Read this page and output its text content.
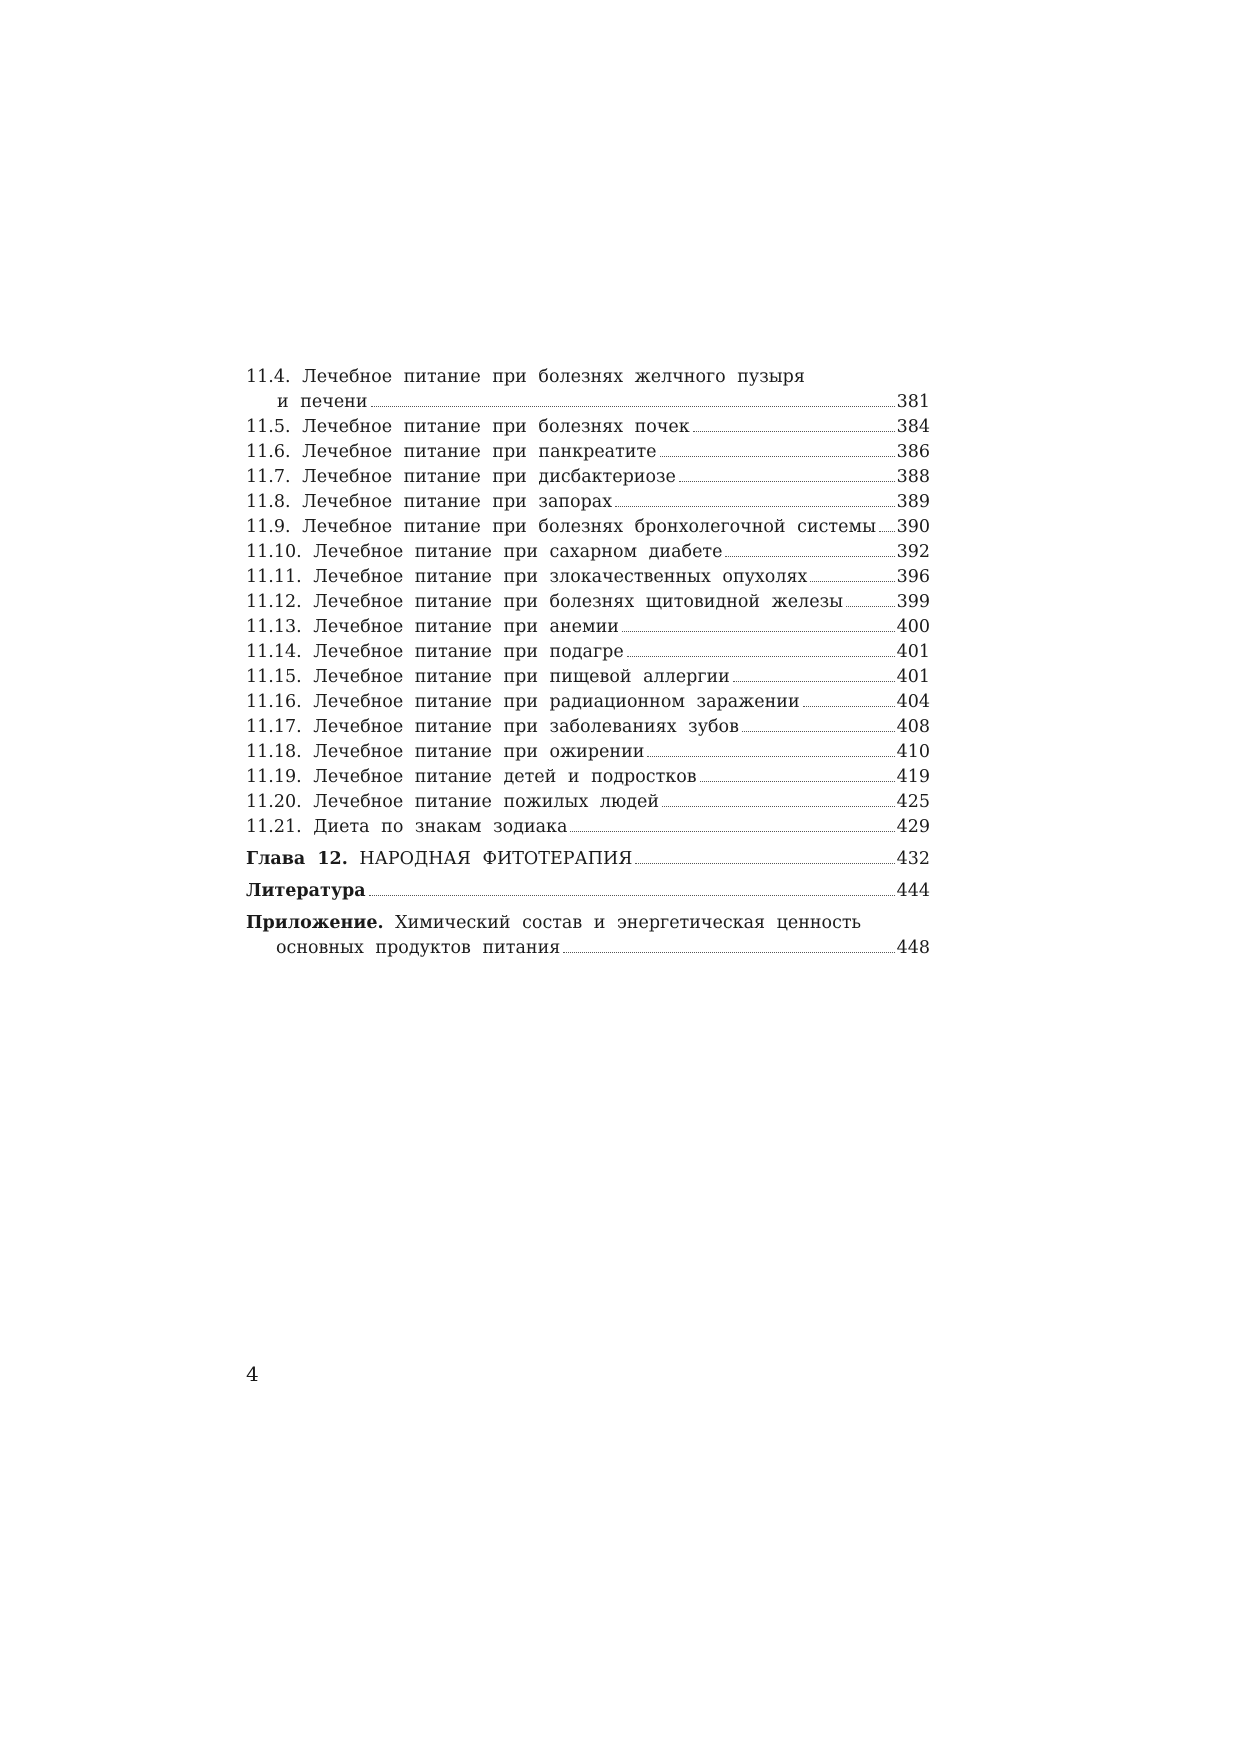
11.4. Лечебное питание при болезнях желчного пузыря
и печени	381
11.5. Лечебное питание при болезнях почек	384
11.6. Лечебное питание при панкреатите	386
11.7. Лечебное питание при дисбактериозе	388
11.8. Лечебное питание при запорах	389
11.9. Лечебное питание при болезнях бронхолегочной системы 390
11.10. Лечебное питание при сахарном диабете	392
11.11. Лечебное питание при злокачественных опухолях	396
11.12. Лечебное питание при болезнях щитовидной железы	399
11.13. Лечебное питание при анемии	400
11.14. Лечебное питание при подагре	401
11.15. Лечебное питание при пищевой аллергии	401
11.16. Лечебное питание при радиационном заражении	404
11.17. Лечебное питание при заболеваниях зубов	408
11.18. Лечебное питание при ожирении	410
11.19. Лечебное питание детей и подростков	419
11.20. Лечебное питание пожилых людей	425
11.21. Диета по знакам зодиака	429
Глава 12. НАРОДНАЯ ФИТОТЕРАПИЯ	432
Литература	444
Приложение. Химический состав и энергетическая ценность
основных продуктов питания	448
4
